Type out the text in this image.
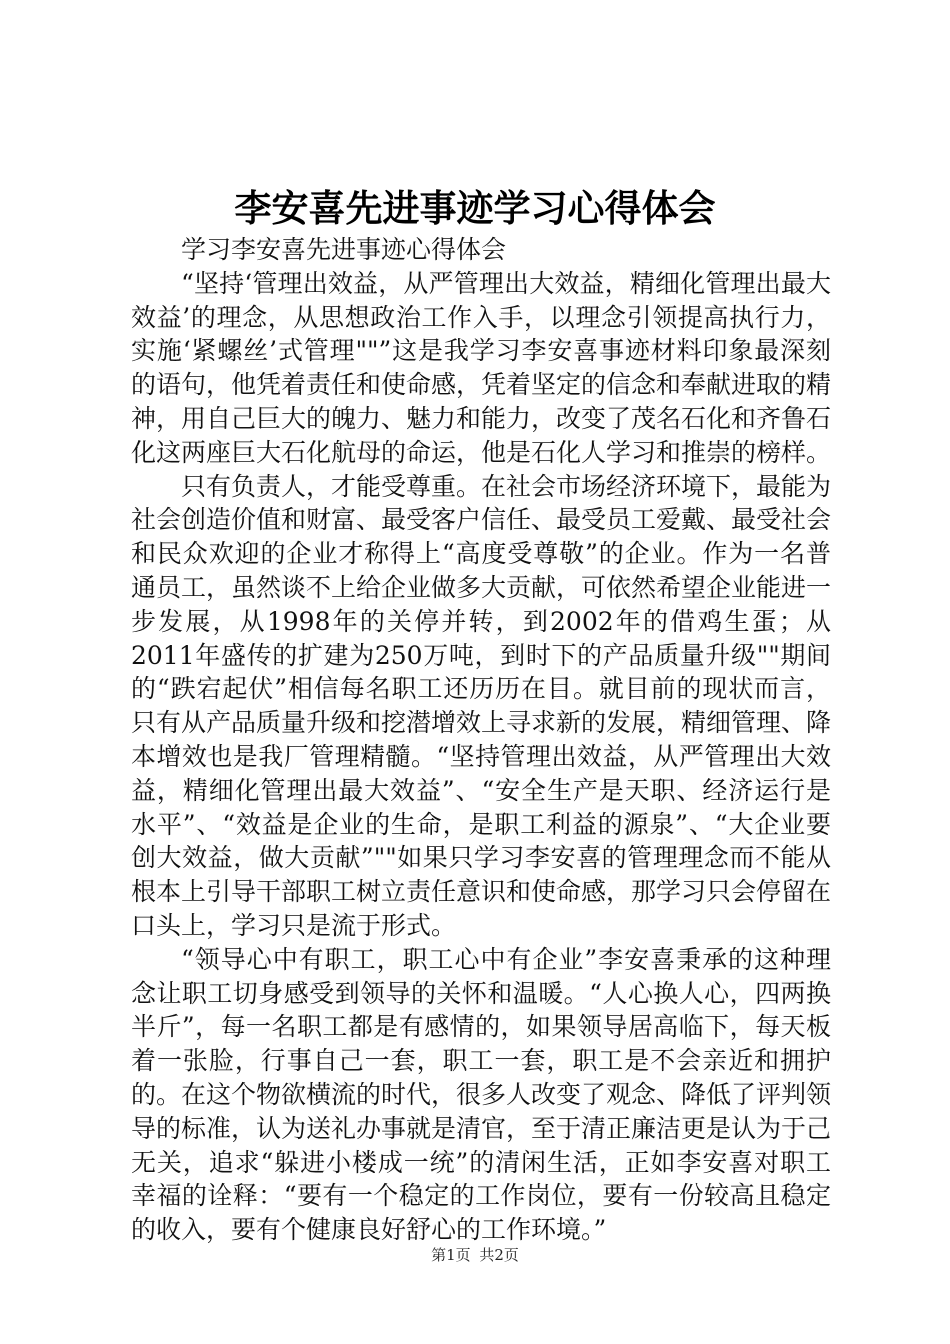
李安喜先进事迹学习心得体会

学习李安喜先进事迹心得体会

“坚持‘管理出效益，从严管理出大效益，精细化管理出最大效益’的理念，从思想政治工作入手，以理念引领提高执行力，实施‘紧螺丝’式管理""”这是我学习李安喜事迹材料印象最深刻的语句，他凭着责任和使命感，凭着坚定的信念和奉献进取的精神，用自己巨大的魄力、魅力和能力，改变了茂名石化和齐鲁石化这两座巨大石化航母的命运，他是石化人学习和推崇的榜样。

只有负责人，才能受尊重。在社会市场经济环境下，最能为社会创造价值和财富、最受客户信任、最受员工爱戴、最受社会和民众欢迎的企业才称得上“高度受尊敬”的企业。作为一名普通员工，虽然谈不上给企业做多大贡献，可依然希望企业能进一步发展，从1998年的关停并转，到2002年的借鸡生蛋；从2011年盛传的扩建为250万吨，到时下的产品质量升级""期间的“跌宕起伏”相信每名职工还历历在目。就目前的现状而言，只有从产品质量升级和挖潜增效上寻求新的发展，精细管理、降本增效也是我厂管理精髓。“坚持管理出效益，从严管理出大效益，精细化管理出最大效益”、“安全生产是天职、经济运行是水平”、“效益是企业的生命，是职工利益的源泉”、“大企业要创大效益，做大贡献”""如果只学习李安喜的管理理念而不能从根本上引导干部职工树立责任意识和使命感，那学习只会停留在口头上，学习只是流于形式。

“领导心中有职工，职工心中有企业”李安喜秉承的这种理念让职工切身感受到领导的关怀和温暖。“人心换人心，四两换半斤”，每一名职工都是有感情的，如果领导居高临下，每天板着一张脸，行事自己一套，职工一套，职工是不会亲近和拥护的。在这个物欲横流的时代，很多人改变了观念、降低了评判领导的标准，认为送礼办事就是清官，至于清正廉洁更是认为于己无关，追求“躲进小楼成一统”的清闲生活，正如李安喜对职工幸福的诠释：“要有一个稳定的工作岗位，要有一份较高且稳定的收入，要有个健康良好舒心的工作环境。”

第1页 共2页
